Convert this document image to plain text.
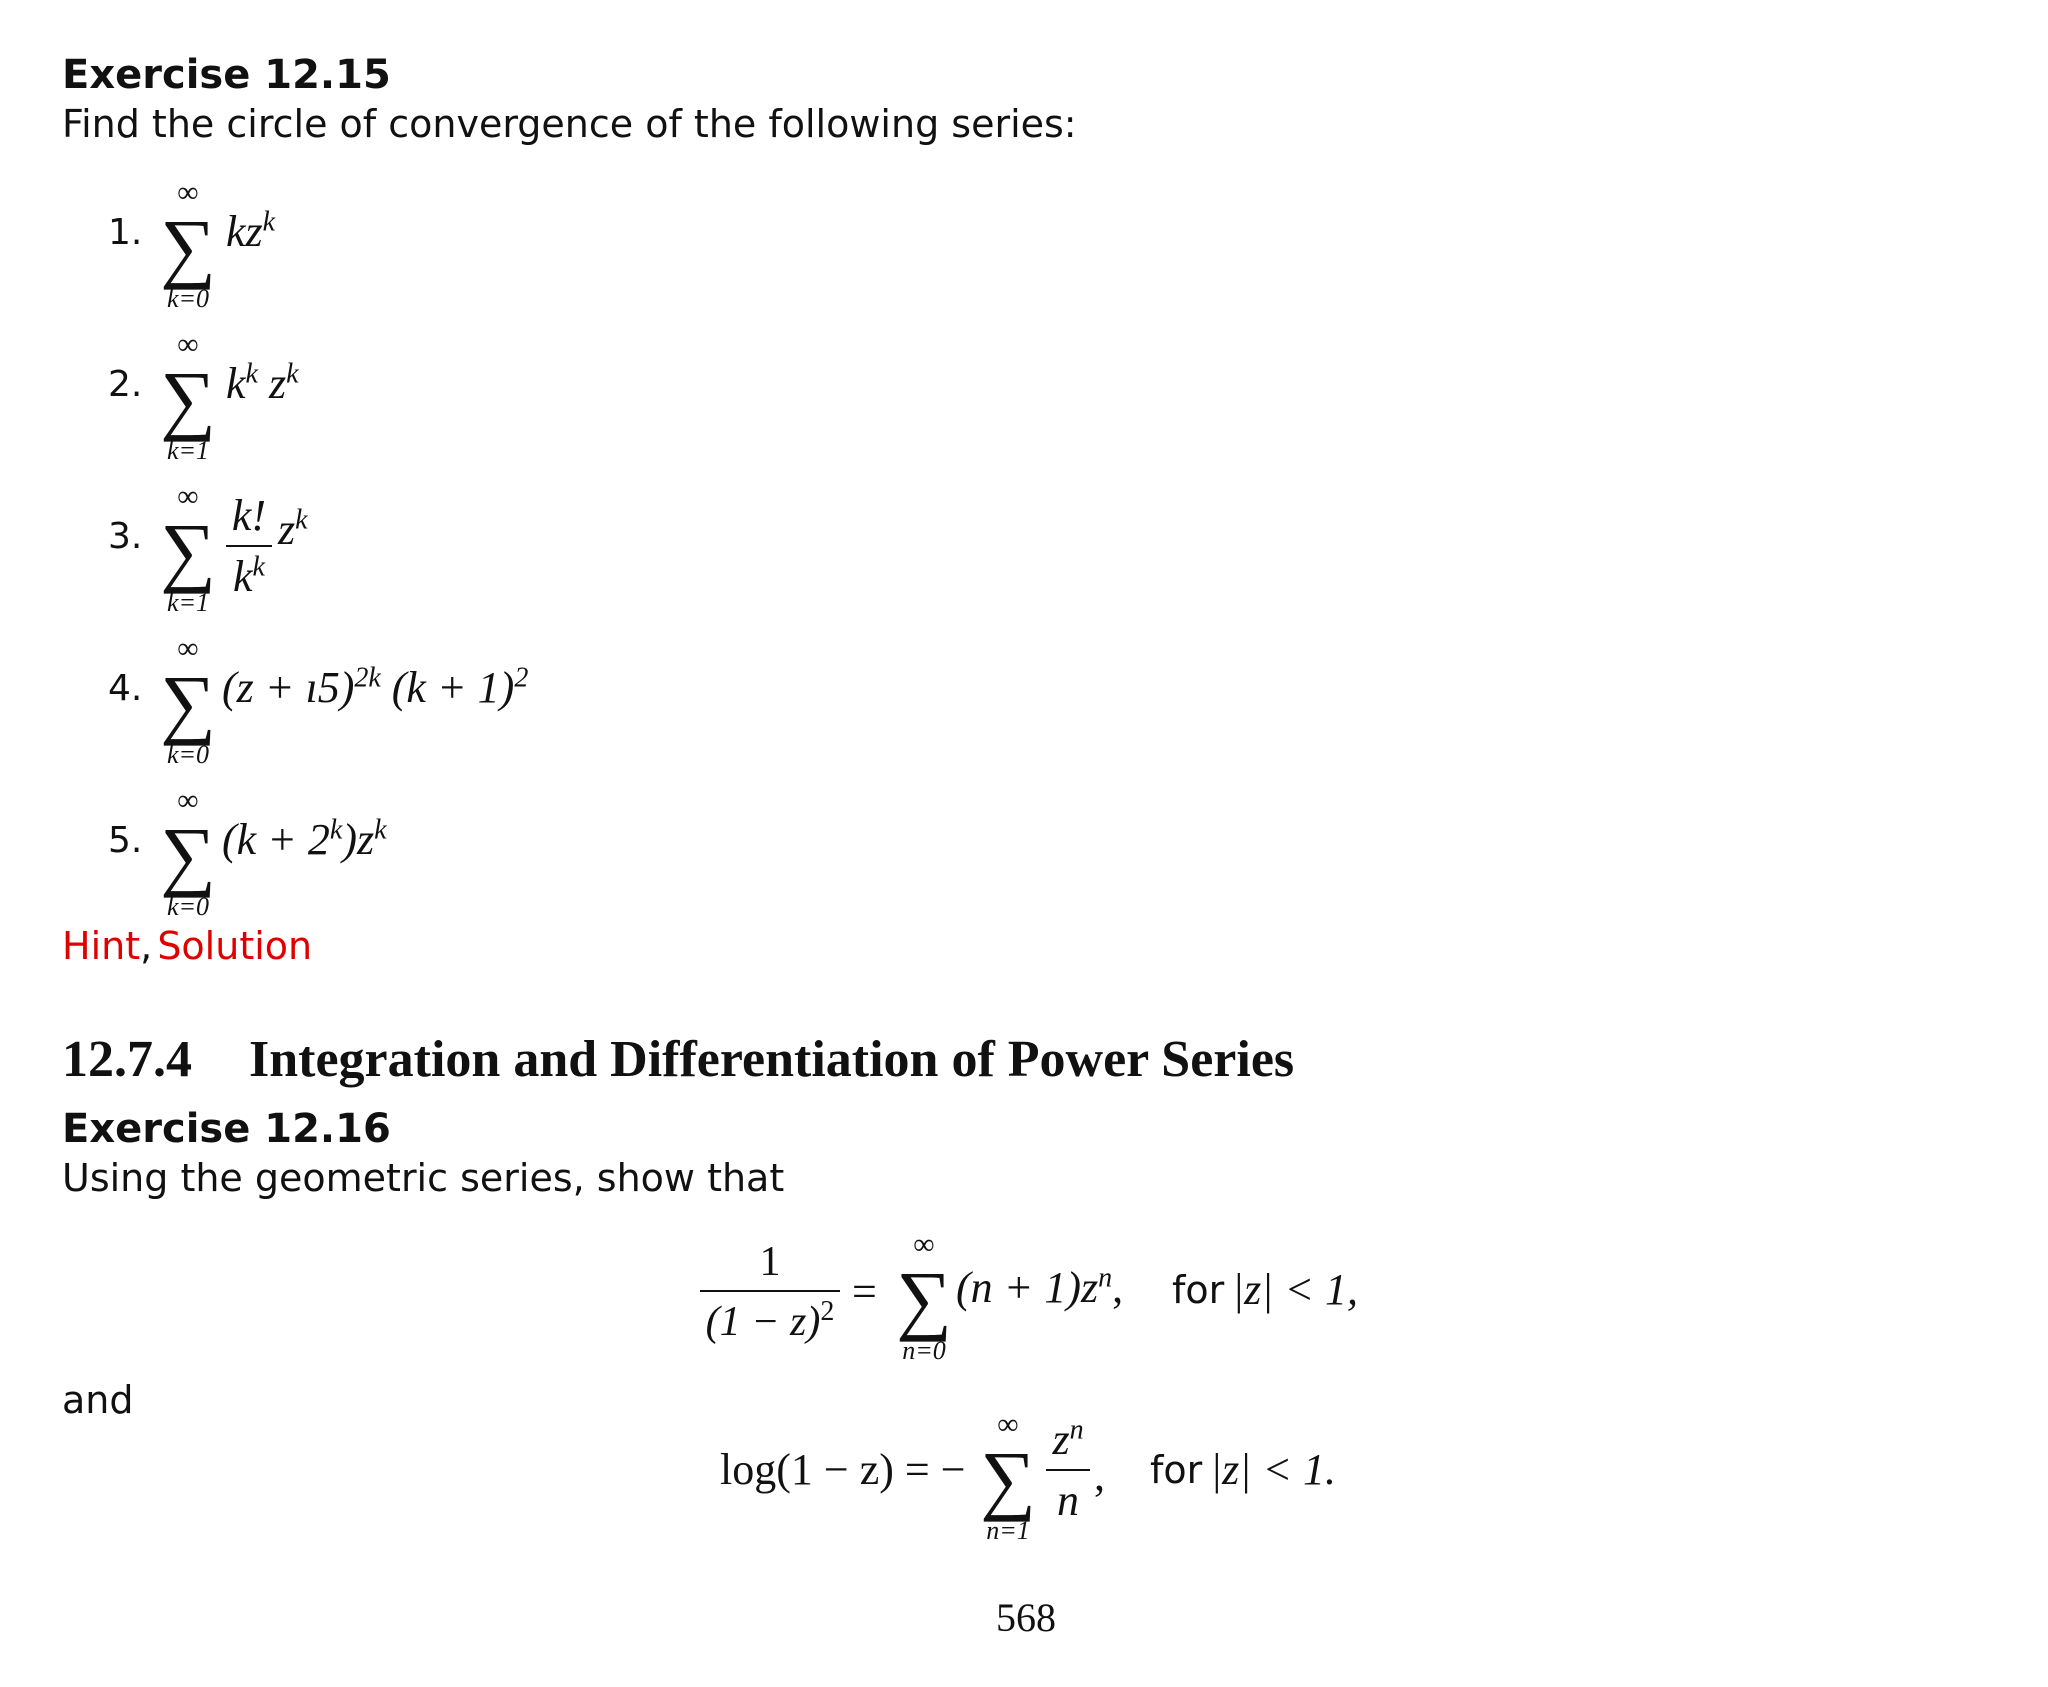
Exercise 12.15
Find the circle of convergence of the following series:
1.
∞
∑
k=0
$kz^k$
2.
∞
∑
k=1
$k^k$ $z^k$
3.
∞
∑
k=1
k!
$k^k$
$z^k$
4.
∞
∑
k=0
(z + ı5)$^{2k}$ $(k + 1)^2$
5.
∞
∑
k=0
$(k + 2^k)z^k$
Hint, Solution
12.7.4 Integration and Differentiation of Power Series
Exercise 12.16
Using the geometric series, show that
1
$(1 - z)^2$ =
∞
∑
n=0
$(n + 1)z^n$, for |z| < 1,
and
log(1 − z) = −
∞
∑
n=1
$z^n$
n
, for |z| < 1.
568
